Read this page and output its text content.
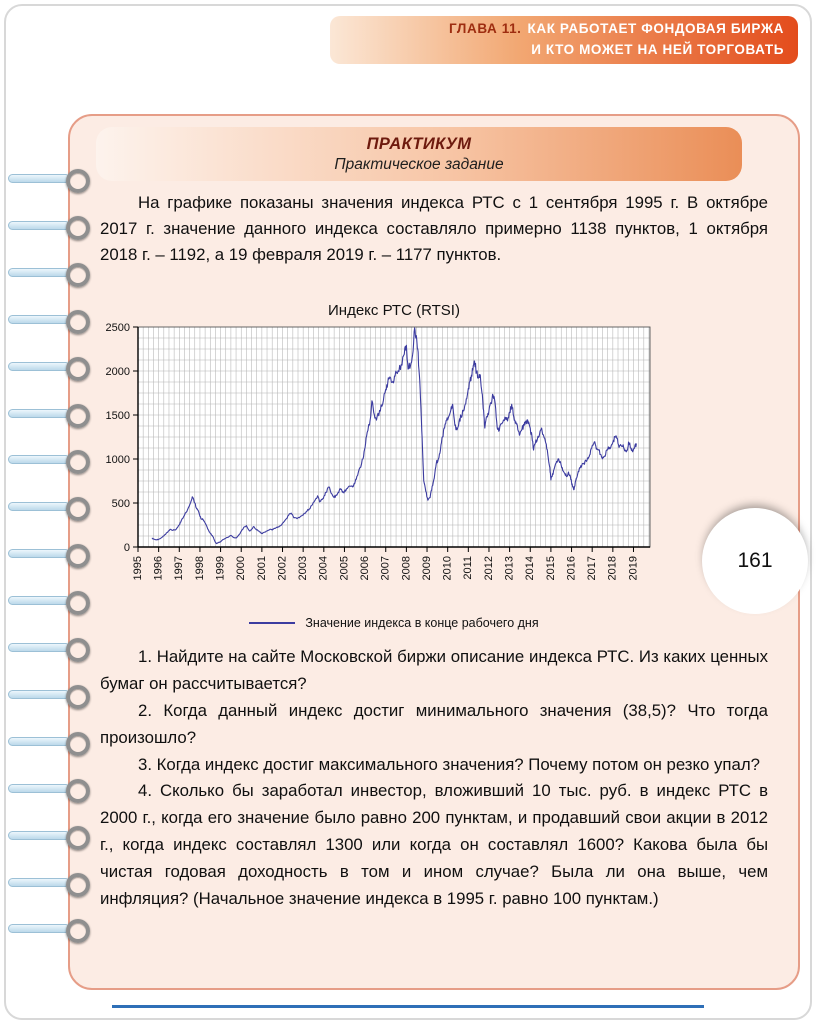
ГЛАВА 11. КАК РАБОТАЕТ ФОНДОВАЯ БИРЖА
И КТО МОЖЕТ НА НЕЙ ТОРГОВАТЬ
ПРАКТИКУМ
Практическое задание

На графике показаны значения индекса РТС с 1 сентября 1995 г. В октябре 2017 г. значение данного индекса составляло примерно 1138 пунктов, 1 октября 2018 г. – 1192, а 19 февраля 2019 г. – 1177 пунктов.

Индекс РТС (RTSI)
0
500
1000
1500
2000
2500
1995 1996 1997 1998 1999 2000 2001 2002 2003 2004 2005 2006 2007 2008 2009 2010 2011 2012 2013 2014 2015 2016 2017 2018 2019
Значение индекса в конце рабочего дня

1. Найдите на сайте Московской биржи описание индекса РТС. Из каких ценных бумаг он рассчитывается?

2. Когда данный индекс достиг минимального значения (38,5)? Что тогда произошло?

3. Когда индекс достиг максимального значения? Почему потом он резко упал?

4. Сколько бы заработал инвестор, вложивший 10 тыс. руб. в индекс РТС в 2000 г., когда его значение было равно 200 пунктам, и продавший свои акции в 2012 г., когда индекс составлял 1300 или когда он составлял 1600? Какова была бы чистая годовая доходность в том и ином случае? Была ли она выше, чем инфляция? (Начальное значение индекса в 1995 г. равно 100 пунктам.)

161
